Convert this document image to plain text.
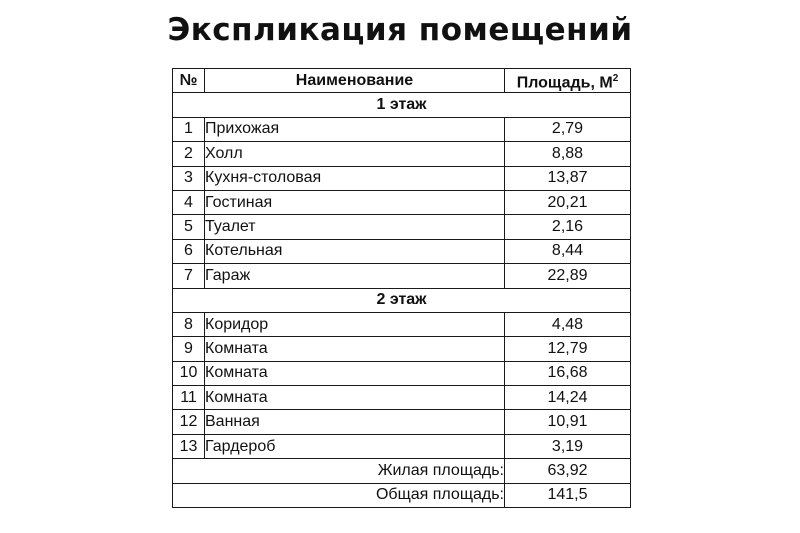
Экспликация помещений
№	Наименование	Площадь, $М^2$
1 этаж		
1	Прихожая	2,79
2	Холл	8,88
3	Кухня-столовая	13,87
4	Гостиная	20,21
5	Туалет	2,16
6	Котельная	8,44
7	Гараж	22,89
2 этаж		
8	Коридор	4,48
9	Комната	12,79
10	Комната	16,68
11	Комната	14,24
12	Ванная	10,91
13	Гардероб	3,19
Жилая площадь:		63,92
Общая площадь:		141,5
